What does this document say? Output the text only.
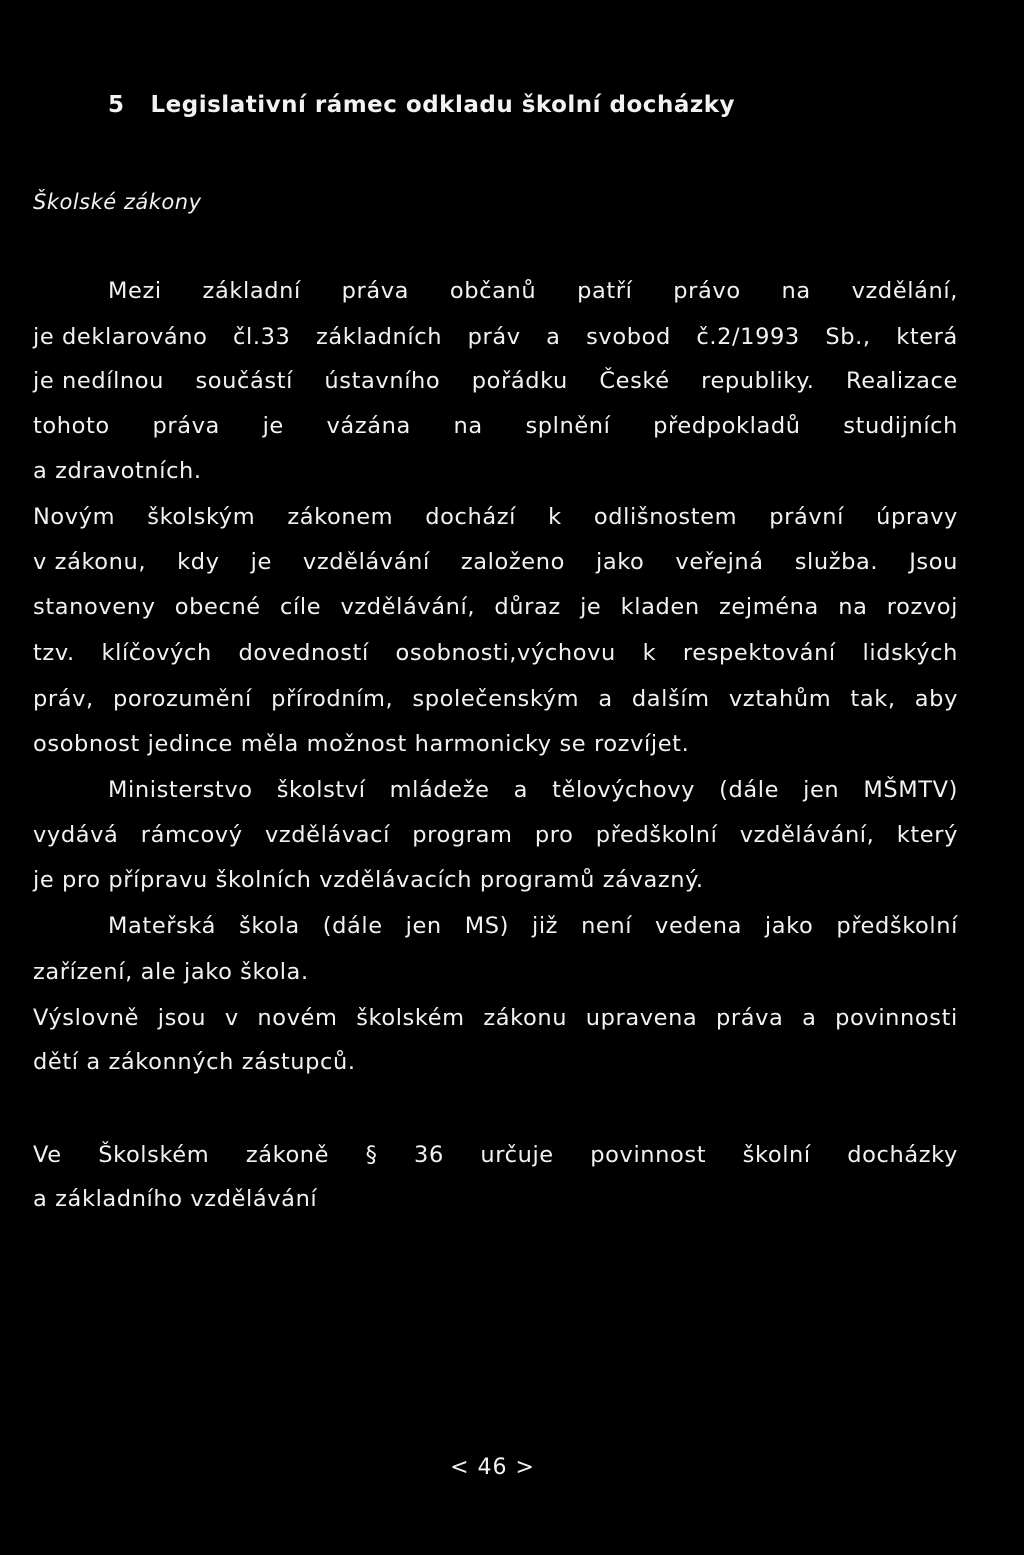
5 Legislativní rámec odkladu školní docházky
Školské zákony
Mezi základní práva občanů patří právo na vzdělání,
je deklarováno čl.33 základních práv a svobod č.2/1993 Sb., která
je nedílnou součástí ústavního pořádku České republiky. Realizace
tohoto práva je vázána na splnění předpokladů studijních
a zdravotních.
Novým školským zákonem dochází k odlišnostem právní úpravy
v zákonu, kdy je vzdělávání založeno jako veřejná služba. Jsou
stanoveny obecné cíle vzdělávání, důraz je kladen zejména na rozvoj
tzv. klíčových dovedností osobnosti,výchovu k respektování lidských
práv, porozumění přírodním, společenským a dalším vztahům tak, aby
osobnost jedince měla možnost harmonicky se rozvíjet.
Ministerstvo školství mládeže a tělovýchovy (dále jen MŠMTV)
vydává rámcový vzdělávací program pro předškolní vzdělávání, který
je pro přípravu školních vzdělávacích programů závazný.
Mateřská škola (dále jen MS) již není vedena jako předškolní
zařízení, ale jako škola.
Výslovně jsou v novém školském zákonu upravena práva a povinnosti
dětí a zákonných zástupců.
Ve Školském zákoně § 36 určuje povinnost školní docházky
a základního vzdělávání
< 46 >
